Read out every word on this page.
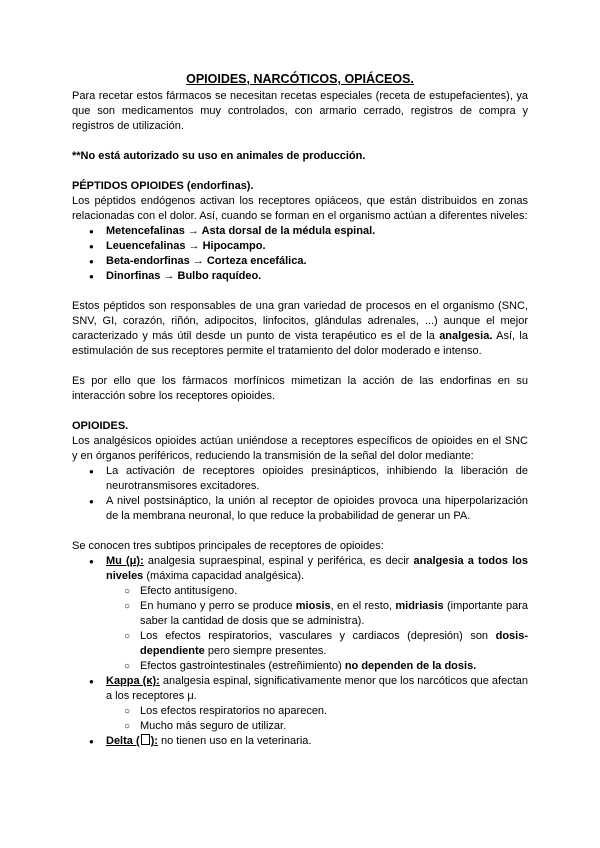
OPIOIDES, NARCÓTICOS, OPIÁCEOS.

Para recetar estos fármacos se necesitan recetas especiales (receta de estupefacientes), ya que son medicamentos muy controlados, con armario cerrado, registros de compra y registros de utilización.

**No está autorizado su uso en animales de producción.

PÉPTIDOS OPIOIDES (endorfinas).

Los péptidos endógenos activan los receptores opiáceos, que están distribuidos en zonas relacionadas con el dolor. Así, cuando se forman en el organismo actúan a diferentes niveles:

● Metencefalinas → Asta dorsal de la médula espinal.
● Leuencefalinas → Hipocampo.
● Beta-endorfinas → Corteza encefálica.
● Dinorfinas → Bulbo raquídeo.

Estos péptidos son responsables de una gran variedad de procesos en el organismo (SNC, SNV, GI, corazón, riñón, adipocitos, linfocitos, glándulas adrenales, ...) aunque el mejor caracterizado y más útil desde un punto de vista terapéutico es el de la analgesia. Así, la estimulación de sus receptores permite el tratamiento del dolor moderado e intenso.

Es por ello que los fármacos morfínicos mimetizan la acción de las endorfinas en su interacción sobre los receptores opioides.

OPIOIDES.

Los analgésicos opioides actúan uniéndose a receptores específicos de opioides en el SNC y en órganos periféricos, reduciendo la transmisión de la señal del dolor mediante:

● La activación de receptores opioides presinápticos, inhibiendo la liberación de neurotransmisores excitadores.
● A nivel postsináptico, la unión al receptor de opioides provoca una hiperpolarización de la membrana neuronal, lo que reduce la probabilidad de generar un PA.

Se conocen tres subtipos principales de receptores de opioides:

● Mu (μ): analgesia supraespinal, espinal y periférica, es decir analgesia a todos los niveles (máxima capacidad analgésica).
○ Efecto antitusígeno.
○ En humano y perro se produce miosis, en el resto, midriasis (importante para saber la cantidad de dosis que se administra).
○ Los efectos respiratorios, vasculares y cardiacos (depresión) son dosis-dependiente pero siempre presentes.
○ Efectos gastrointestinales (estreñimiento) no dependen de la dosis.
● Kappa (κ): analgesia espinal, significativamente menor que los narcóticos que afectan a los receptores μ.
○ Los efectos respiratorios no aparecen.
○ Mucho más seguro de utilizar.
● Delta ( ): no tienen uso en la veterinaria.
